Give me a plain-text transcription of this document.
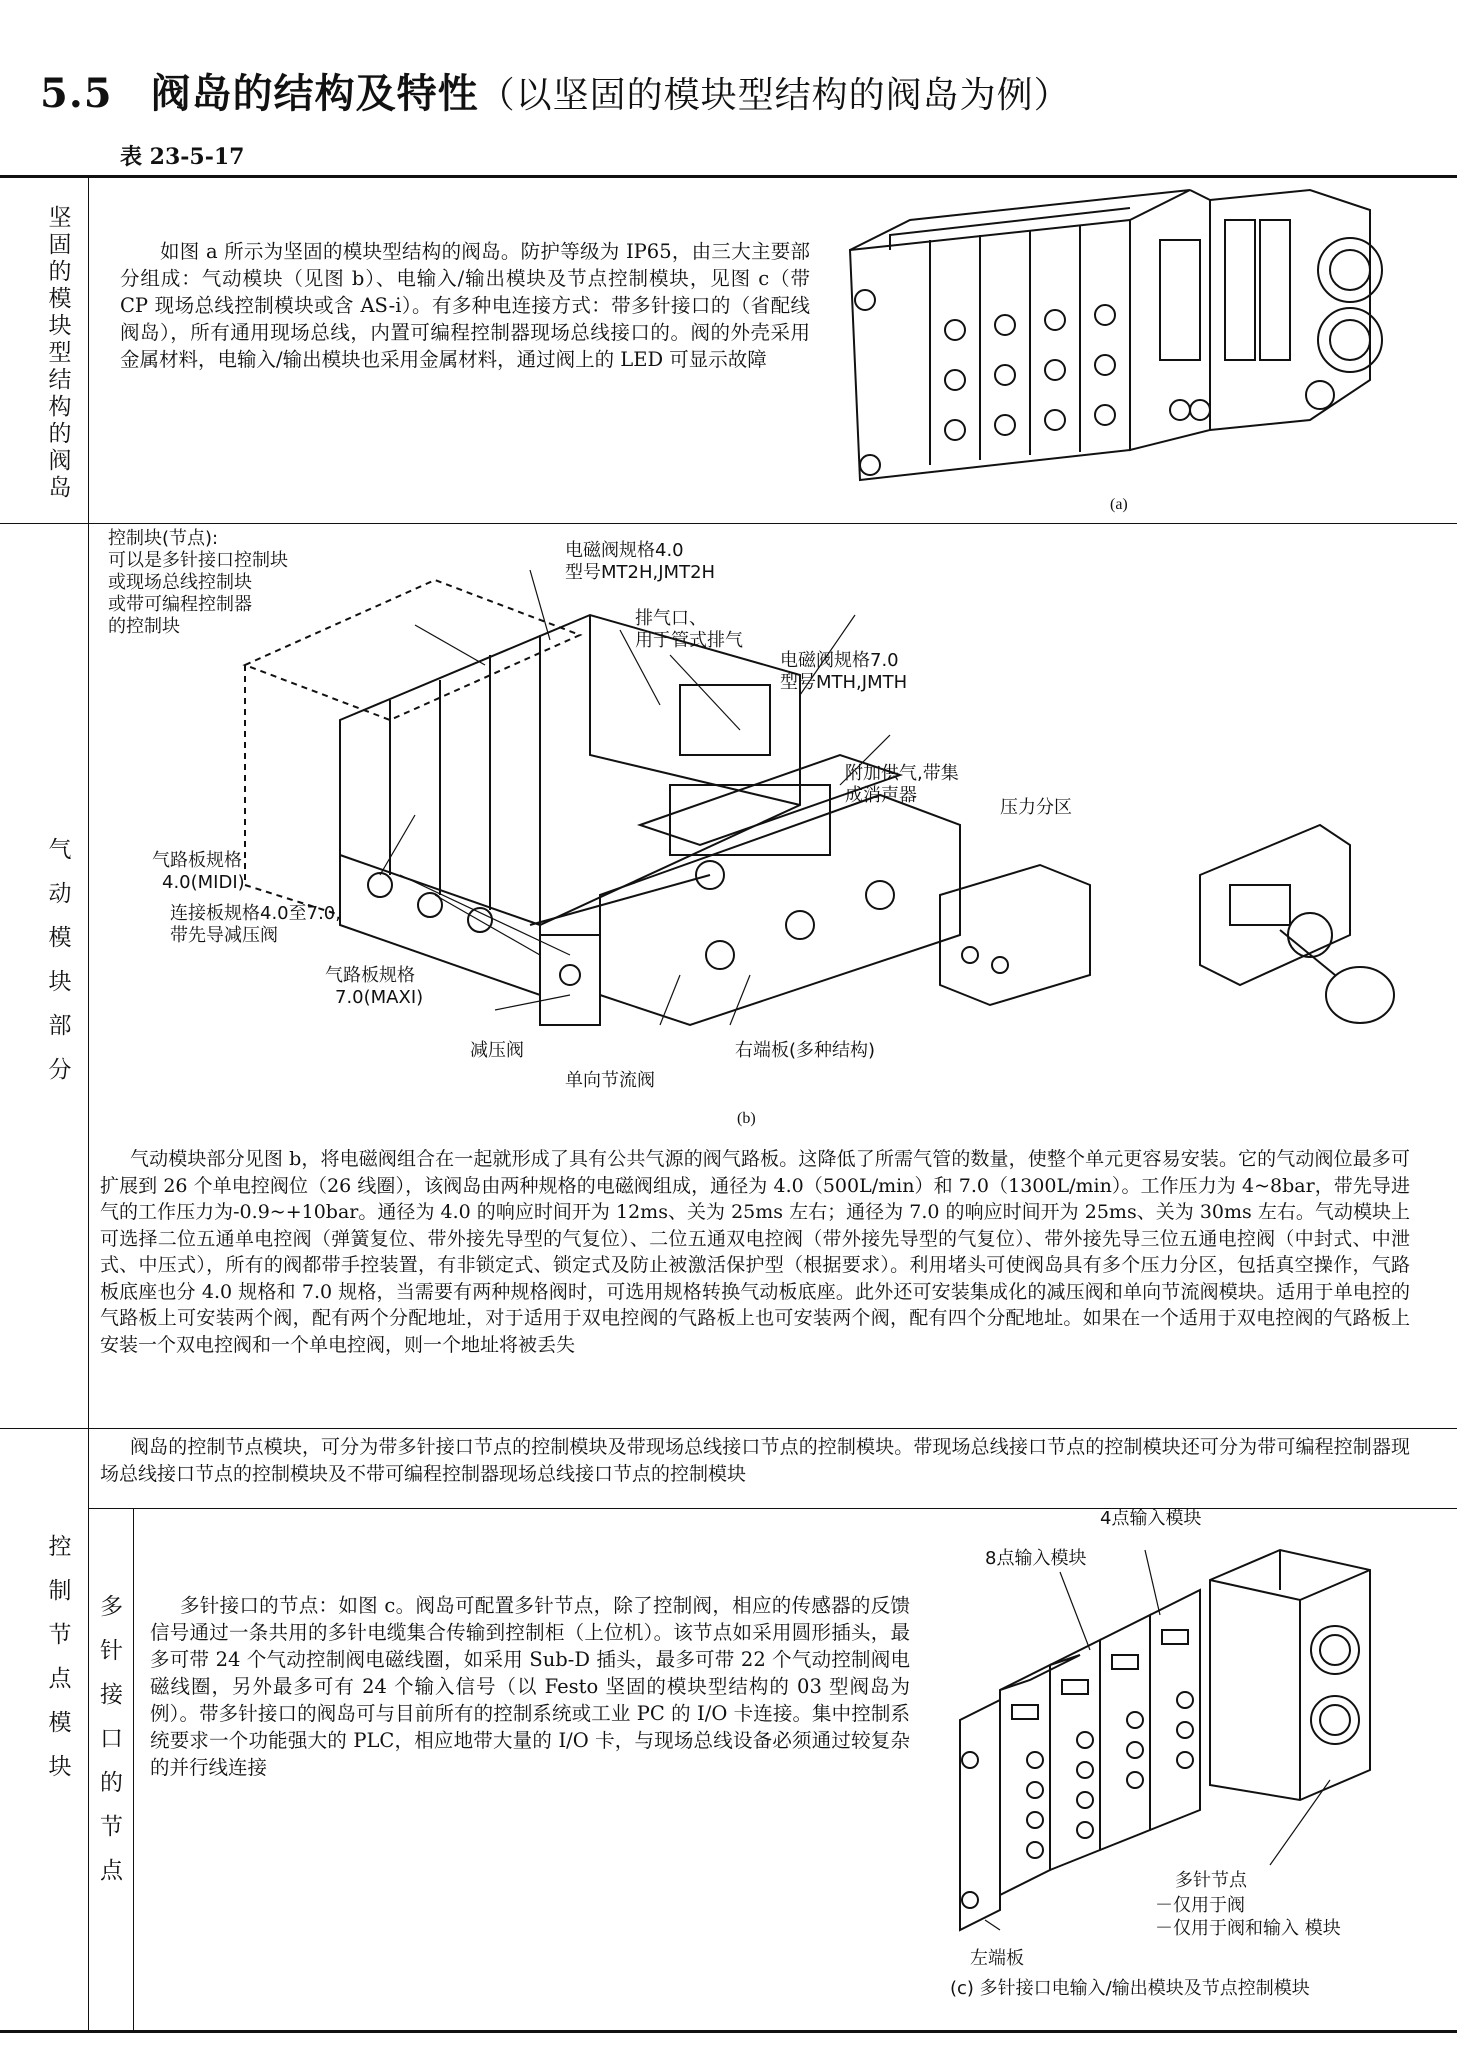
5.5 阀岛的结构及特性（以坚固的模块型结构的阀岛为例）
表 23-5-17
坚
固
的
模
块
型
结
构
的
阀
岛
如图 a 所示为坚固的模块型结构的阀岛。防护等级为 IP65，由三大主要部分组成：气动模块（见图 b）、电输入/输出模块及节点控制模块，见图 c（带 CP 现场总线控制模块或含 AS-i）。有多种电连接方式：带多针接口的（省配线阀岛），所有通用现场总线，内置可编程控制器现场总线接口的。阀的外壳采用金属材料，电输入/输出模块也采用金属材料，通过阀上的 LED 可显示故障
(a)
气
动
模
块
部
分
控制块(节点):
可以是多针接口控制块
或现场总线控制块
或带可编程控制器
的控制块
电磁阀规格4.0
型号MT2H,JMT2H
排气口、
用于管式排气
电磁阀规格7.0
型号MTH,JMTH
附加供气,带集
成消声器
压力分区
气路板规格
4.0(MIDI)
连接板规格4.0至7.0,
带先导减压阀
气路板规格
7.0(MAXI)
减压阀
单向节流阀
右端板(多种结构)
(b)
气动模块部分见图 b，将电磁阀组合在一起就形成了具有公共气源的阀气路板。这降低了所需气管的数量，使整个单元更容易安装。它的气动阀位最多可扩展到 26 个单电控阀位（26 线圈），该阀岛由两种规格的电磁阀组成，通径为 4.0（500L/min）和 7.0（1300L/min）。工作压力为 4~8bar，带先导进气的工作压力为-0.9~+10bar。通径为 4.0 的响应时间开为 12ms、关为 25ms 左右；通径为 7.0 的响应时间开为 25ms、关为 30ms 左右。气动模块上可选择二位五通单电控阀（弹簧复位、带外接先导型的气复位）、二位五通双电控阀（带外接先导型的气复位）、带外接先导三位五通电控阀（中封式、中泄式、中压式），所有的阀都带手控装置，有非锁定式、锁定式及防止被激活保护型（根据要求）。利用堵头可使阀岛具有多个压力分区，包括真空操作，气路板底座也分 4.0 规格和 7.0 规格，当需要有两种规格阀时，可选用规格转换气动板底座。此外还可安装集成化的减压阀和单向节流阀模块。适用于单电控的气路板上可安装两个阀，配有两个分配地址，对于适用于双电控阀的气路板上也可安装两个阀，配有四个分配地址。如果在一个适用于双电控阀的气路板上安装一个双电控阀和一个单电控阀，则一个地址将被丢失
阀岛的控制节点模块，可分为带多针接口节点的控制模块及带现场总线接口节点的控制模块。带现场总线接口节点的控制模块还可分为带可编程控制器现场总线接口节点的控制模块及不带可编程控制器现场总线接口节点的控制模块
控
制
节
点
模
块
多
针
接
口
的
节
点
多针接口的节点：如图 c。阀岛可配置多针节点，除了控制阀，相应的传感器的反馈信号通过一条共用的多针电缆集合传输到控制柜（上位机）。该节点如采用圆形插头，最多可带 24 个气动控制阀电磁线圈，如采用 Sub-D 插头，最多可带 22 个气动控制阀电磁线圈，另外最多可有 24 个输入信号（以 Festo 坚固的模块型结构的 03 型阀岛为例）。带多针接口的阀岛可与目前所有的控制系统或工业 PC 的 I/O 卡连接。集中控制系统要求一个功能强大的 PLC，相应地带大量的 I/O 卡，与现场总线设备必须通过较复杂的并行线连接
4点输入模块
8点输入模块
多针节点
－仅用于阀
－仅用于阀和输入 模块
左端板
(c) 多针接口电输入/输出模块及节点控制模块
